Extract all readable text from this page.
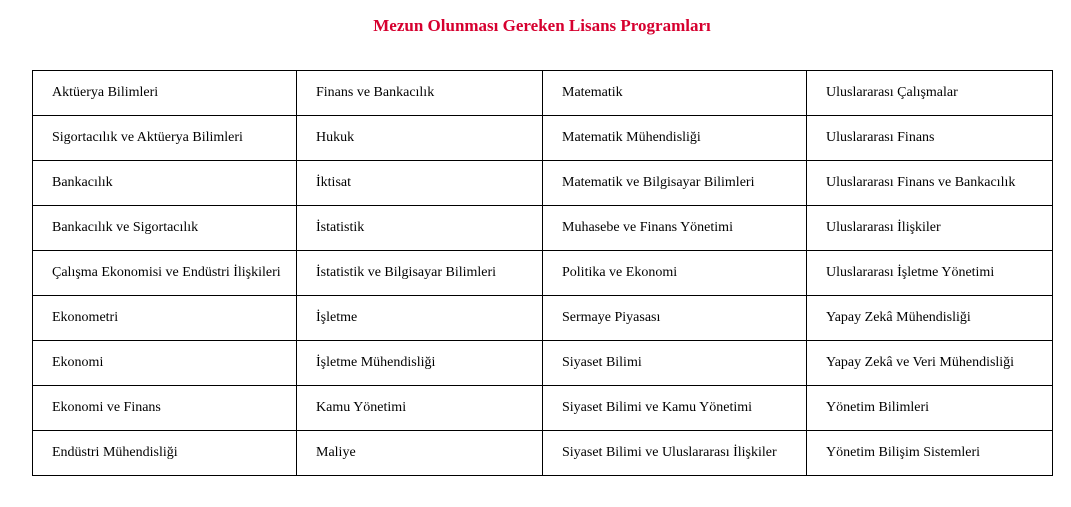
Mezun Olunması Gereken Lisans Programları
Aktüerya Bilimleri	Finans ve Bankacılık	Matematik	Uluslararası Çalışmalar
Sigortacılık ve Aktüerya Bilimleri	Hukuk	Matematik Mühendisliği	Uluslararası Finans
Bankacılık	İktisat	Matematik ve Bilgisayar Bilimleri	Uluslararası Finans ve Bankacılık
Bankacılık ve Sigortacılık	İstatistik	Muhasebe ve Finans Yönetimi	Uluslararası İlişkiler
Çalışma Ekonomisi ve Endüstri İlişkileri	İstatistik ve Bilgisayar Bilimleri	Politika ve Ekonomi	Uluslararası İşletme Yönetimi
Ekonometri	İşletme	Sermaye Piyasası	Yapay Zekâ Mühendisliği
Ekonomi	İşletme Mühendisliği	Siyaset Bilimi	Yapay Zekâ ve Veri Mühendisliği
Ekonomi ve Finans	Kamu Yönetimi	Siyaset Bilimi ve Kamu Yönetimi	Yönetim Bilimleri
Endüstri Mühendisliği	Maliye	Siyaset Bilimi ve Uluslararası İlişkiler	Yönetim Bilişim Sistemleri
